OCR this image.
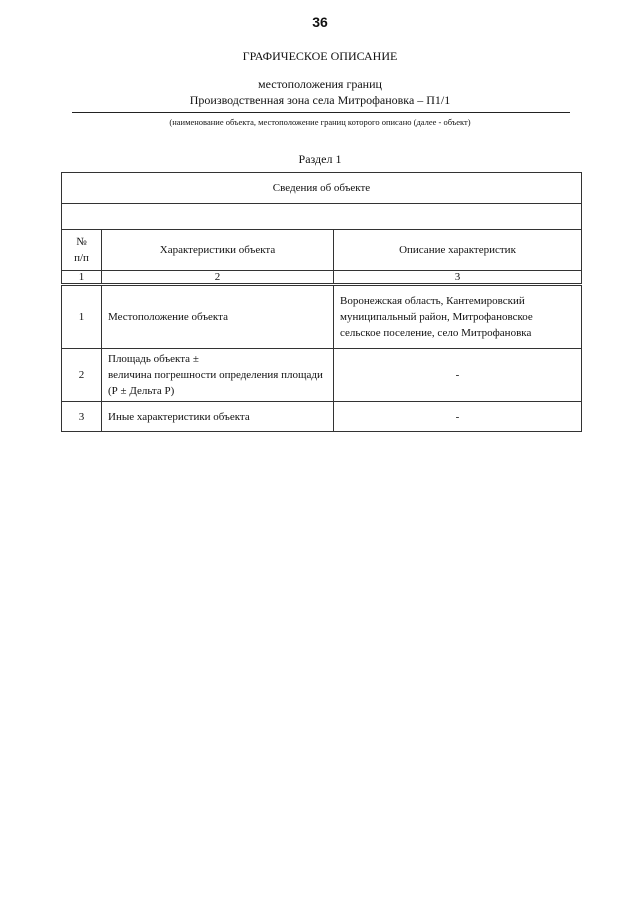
36
ГРАФИЧЕСКОЕ ОПИСАНИЕ
местоположения границ
Производственная зона села Митрофановка – П1/1
(наименование объекта, местоположение границ которого описано (далее - объект)
Раздел 1
Сведения об объекте		

№
п/п	Характеристики объекта	Описание характеристик
1	2	3
1	Местоположение объекта	Воронежская область, Кантемировский муниципальный район, Митрофановское сельское поселение, село Митрофановка
2	Площадь объекта ±
величина погрешности определения площади (Р ± Дельта Р)	-
3	Иные характеристики объекта	-
